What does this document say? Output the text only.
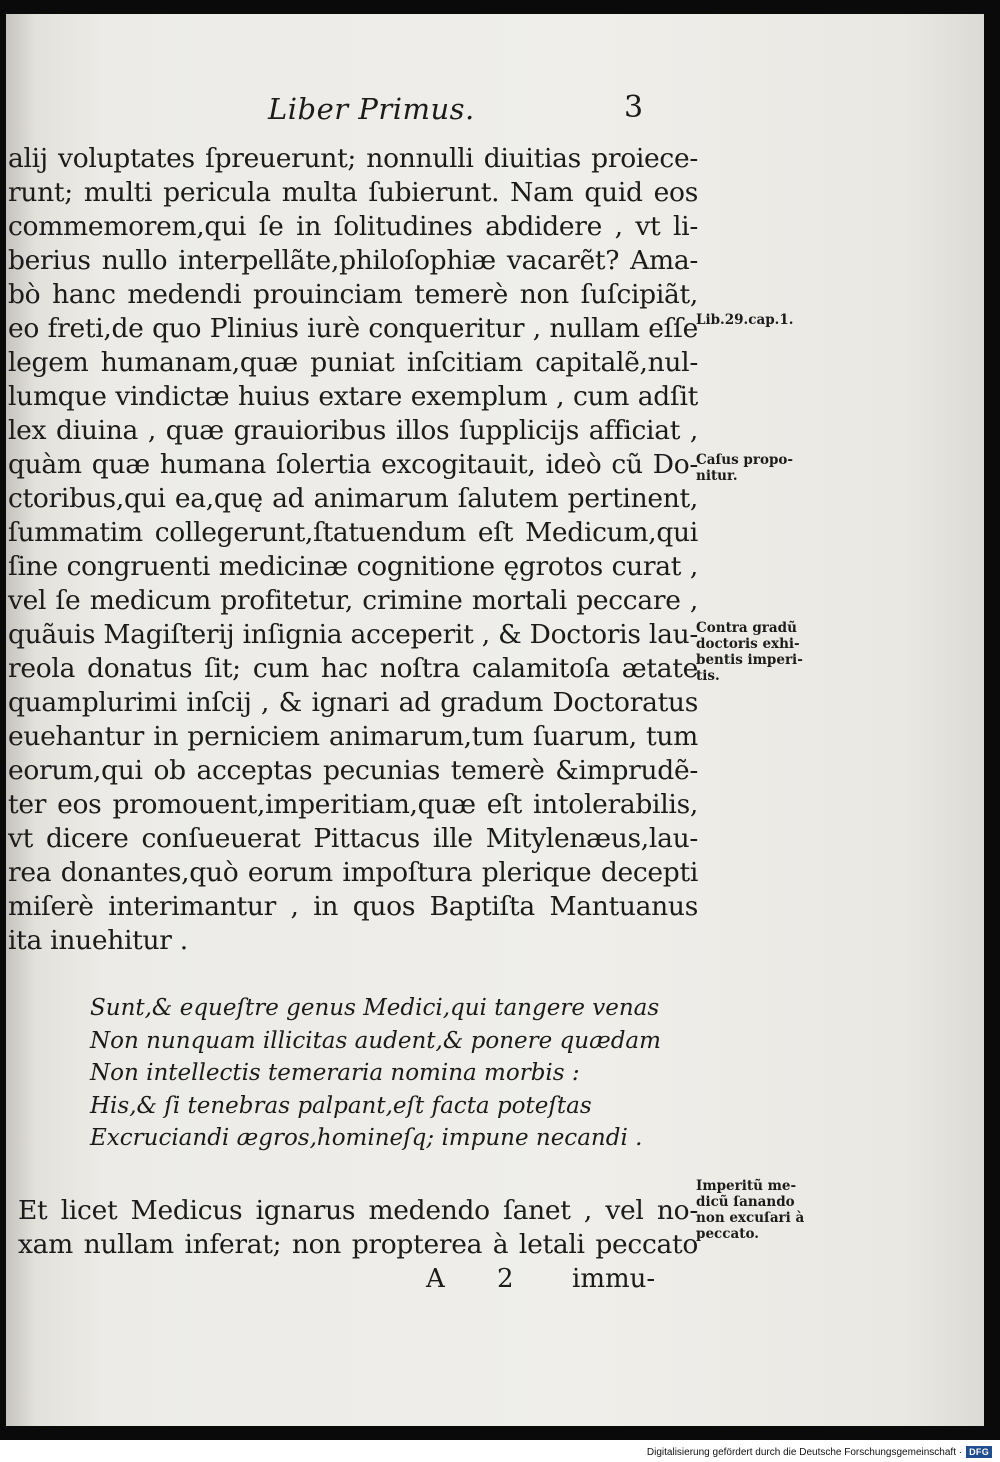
Liber Primus.	3
alij voluptates ſpreuerunt; nonnulli diuitias proiece-
runt; multi pericula multa ſubierunt. Nam quid eos
commemorem,qui ſe in ſolitudines abdidere , vt li-
berius nullo interpellãte,philoſophiæ vacarẽt? Ama-
bò hanc medendi prouinciam temerè non ſuſcipiãt,
eo freti,de quo Plinius iurè conqueritur , nullam eſſe
legem humanam,quæ puniat inſcitiam capitalẽ,nul-
lumque vindictæ huius extare exemplum , cum adſit
lex diuina , quæ grauioribus illos ſupplicijs afficiat ,
quàm quæ humana ſolertia excogitauit, ideò cũ Do-
ctoribus,qui ea,quę ad animarum ſalutem pertinent,
ſummatim collegerunt,ſtatuendum eſt Medicum,qui
ſine congruenti medicinæ cognitione ęgrotos curat ,
vel ſe medicum profitetur, crimine mortali peccare ,
quãuis Magiſterij inſignia acceperit , & Doctoris lau-
reola donatus ſit; cum hac noſtra calamitoſa ætate
quamplurimi inſcij , & ignari ad gradum Doctoratus
euehantur in perniciem animarum,tum ſuarum, tum
eorum,qui ob acceptas pecunias temerè &imprudẽ-
ter eos promouent,imperitiam,quæ eſt intolerabilis,
vt dicere conſueuerat Pittacus ille Mitylenæus,lau-
rea donantes,quò eorum impoſtura plerique decepti
miſerè interimantur , in quos Baptiſta Mantuanus
ita inuehitur .
Sunt,& equeſtre genus Medici,qui tangere venas
Non nunquam illicitas audent,& ponere quædam
Non intellectis temeraria nomina morbis :
His,& ſi tenebras palpant,eſt facta poteſtas
Excruciandi ægros,homineſq; impune necandi .
Et licet Medicus ignarus medendo ſanet , vel no-
xam nullam inferat; non propterea à letali peccato
A 2 immu-
Lib.29.cap.1.
Caſus propo-
nitur.
Contra gradũ
doctoris exhi-
bentis imperi-
tis.
Imperitũ me-
dicũ ſanando
non excuſari à
peccato.
Digitalisierung gefördert durch die Deutsche Forschungsgemeinschaft · DFG
